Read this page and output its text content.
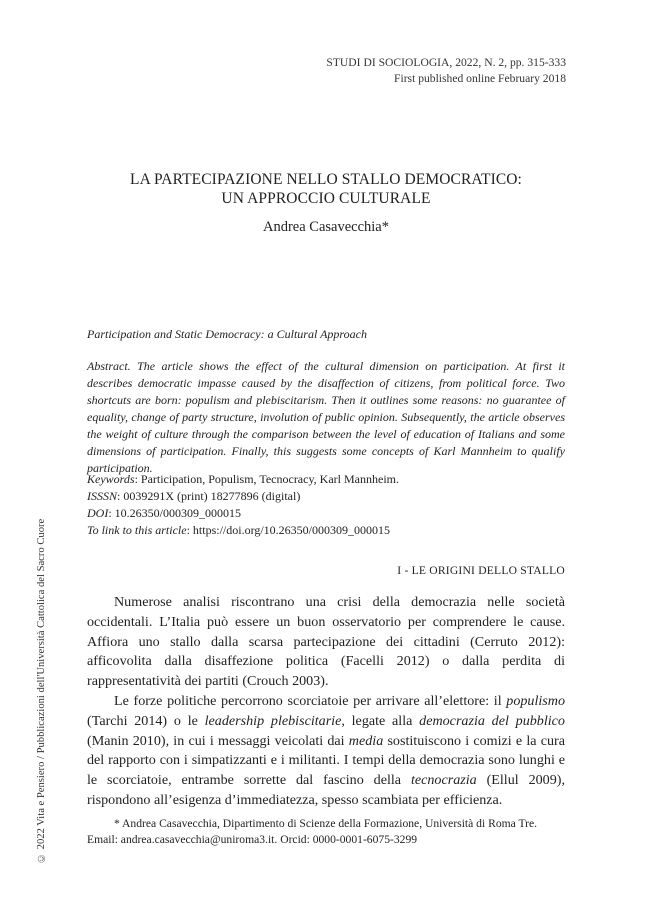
© 2022 Vita e Pensiero / Pubblicazioni dell'Università Cattolica del Sacro Cuore
STUDI DI SOCIOLOGIA, 2022, N. 2, pp. 315-333
First published online February 2018
LA PARTECIPAZIONE NELLO STALLO DEMOCRATICO:
UN APPROCCIO CULTURALE
Andrea Casavecchia*
Participation and Static Democracy: a Cultural Approach
Abstract. The article shows the effect of the cultural dimension on participation. At first it describes democratic impasse caused by the disaffection of citizens, from political force. Two shortcuts are born: populism and plebiscitarism. Then it outlines some reasons: no guarantee of equality, change of party structure, involution of public opinion. Subsequently, the article observes the weight of culture through the comparison between the level of education of Italians and some dimensions of participation. Finally, this suggests some concepts of Karl Mannheim to qualify participation.
Keywords: Participation, Populism, Tecnocracy, Karl Mannheim.
ISSSN: 0039291X (print) 18277896 (digital)
DOI: 10.26350/000309_000015
To link to this article: https://doi.org/10.26350/000309_000015
I - LE ORIGINI DELLO STALLO

Numerose analisi riscontrano una crisi della democrazia nelle società occidentali. L’Italia può essere un buon osservatorio per comprendere le cause. Affiora uno stallo dalla scarsa partecipazione dei cittadini (Cerruto 2012): afficovolita dalla disaffezione politica (Facelli 2012) o dalla perdita di rappresentatività dei partiti (Crouch 2003).

Le forze politiche percorrono scorciatoie per arrivare all’elettore: il populismo (Tarchi 2014) o le leadership plebiscitarie, legate alla democrazia del pubblico (Manin 2010), in cui i messaggi veicolati dai media sostituiscono i comizi e la cura del rapporto con i simpatizzanti e i militanti. I tempi della democrazia sono lunghi e le scorciatoie, entrambe sorrette dal fascino della tecnocrazia (Ellul 2009), rispondono all’esigenza d’immediatezza, spesso scambiata per efficienza.

* Andrea Casavecchia, Dipartimento di Scienze della Formazione, Università di Roma Tre.
Email: andrea.casavecchia@uniroma3.it. Orcid: 0000-0001-6075-3299
